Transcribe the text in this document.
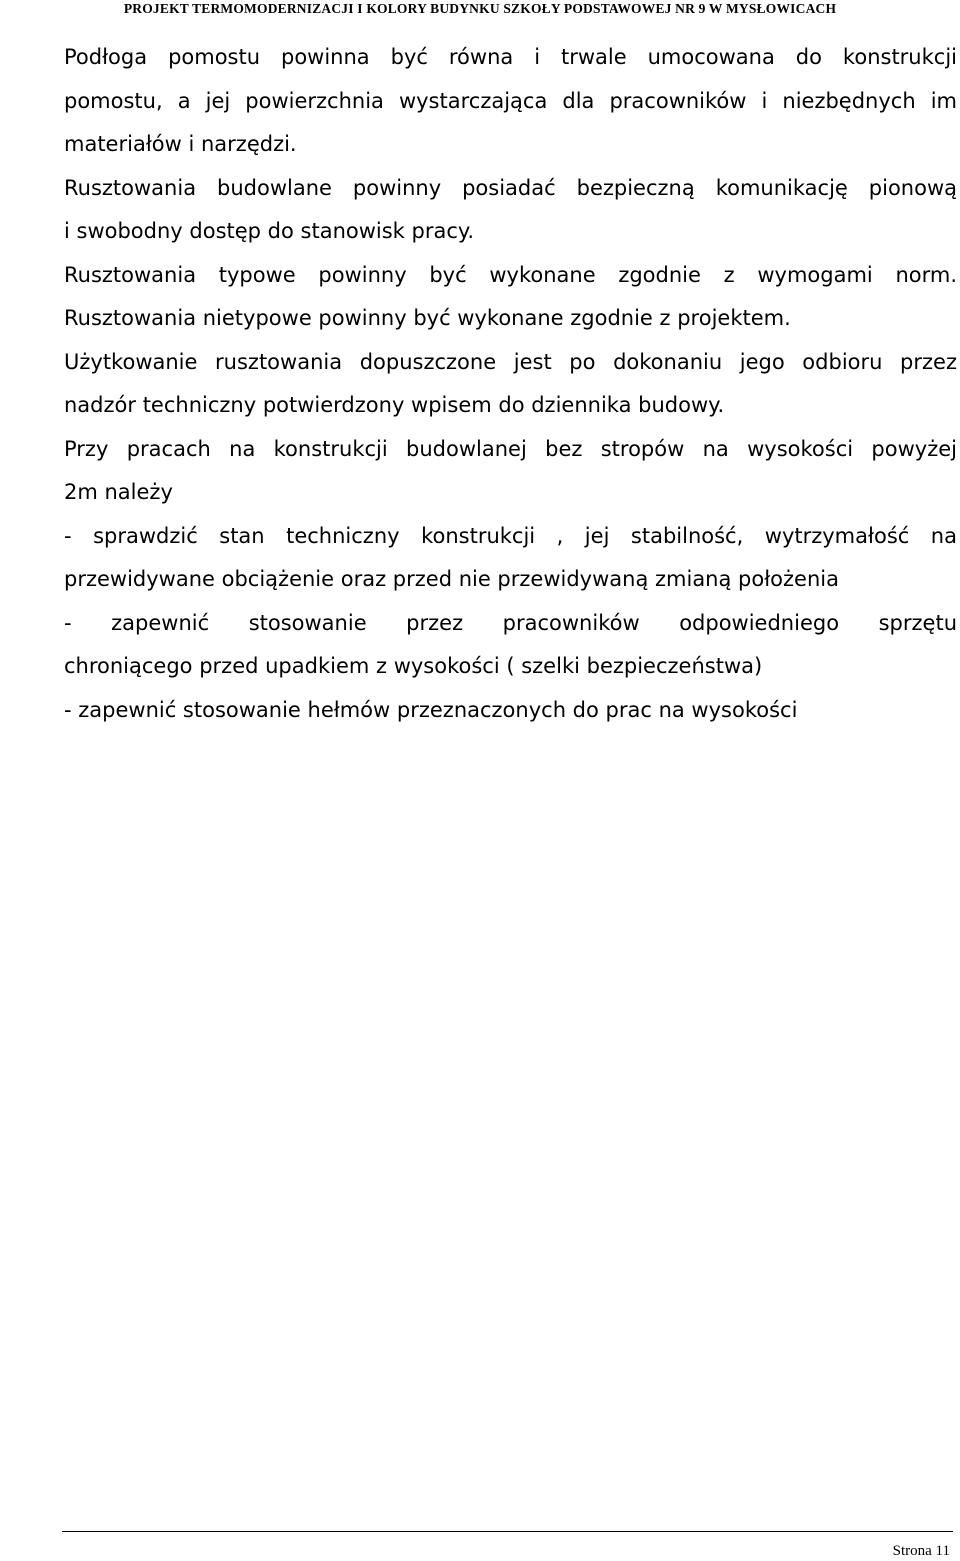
PROJEKT TERMOMODERNIZACJI I KOLORY BUDYNKU SZKOŁY PODSTAWOWEJ NR 9 W MYSŁOWICACH
Podłoga pomostu powinna być równa i trwale umocowana do konstrukcji
pomostu, a jej powierzchnia wystarczająca dla pracowników i niezbędnych im
materiałów i narzędzi.
Rusztowania budowlane powinny posiadać bezpieczną komunikację pionową
i swobodny dostęp do stanowisk pracy.
Rusztowania typowe powinny być wykonane zgodnie z wymogami norm.
Rusztowania nietypowe powinny być wykonane zgodnie z projektem.
Użytkowanie rusztowania dopuszczone jest po dokonaniu jego odbioru przez
nadzór techniczny potwierdzony wpisem do dziennika budowy.
Przy pracach na konstrukcji budowlanej bez stropów na wysokości powyżej
2m należy
- sprawdzić stan techniczny konstrukcji , jej stabilność, wytrzymałość na
przewidywane obciążenie oraz przed nie przewidywaną zmianą położenia
- zapewnić stosowanie przez pracowników odpowiedniego sprzętu
chroniącego przed upadkiem z wysokości ( szelki bezpieczeństwa)
- zapewnić stosowanie hełmów przeznaczonych do prac na wysokości
Strona 11
